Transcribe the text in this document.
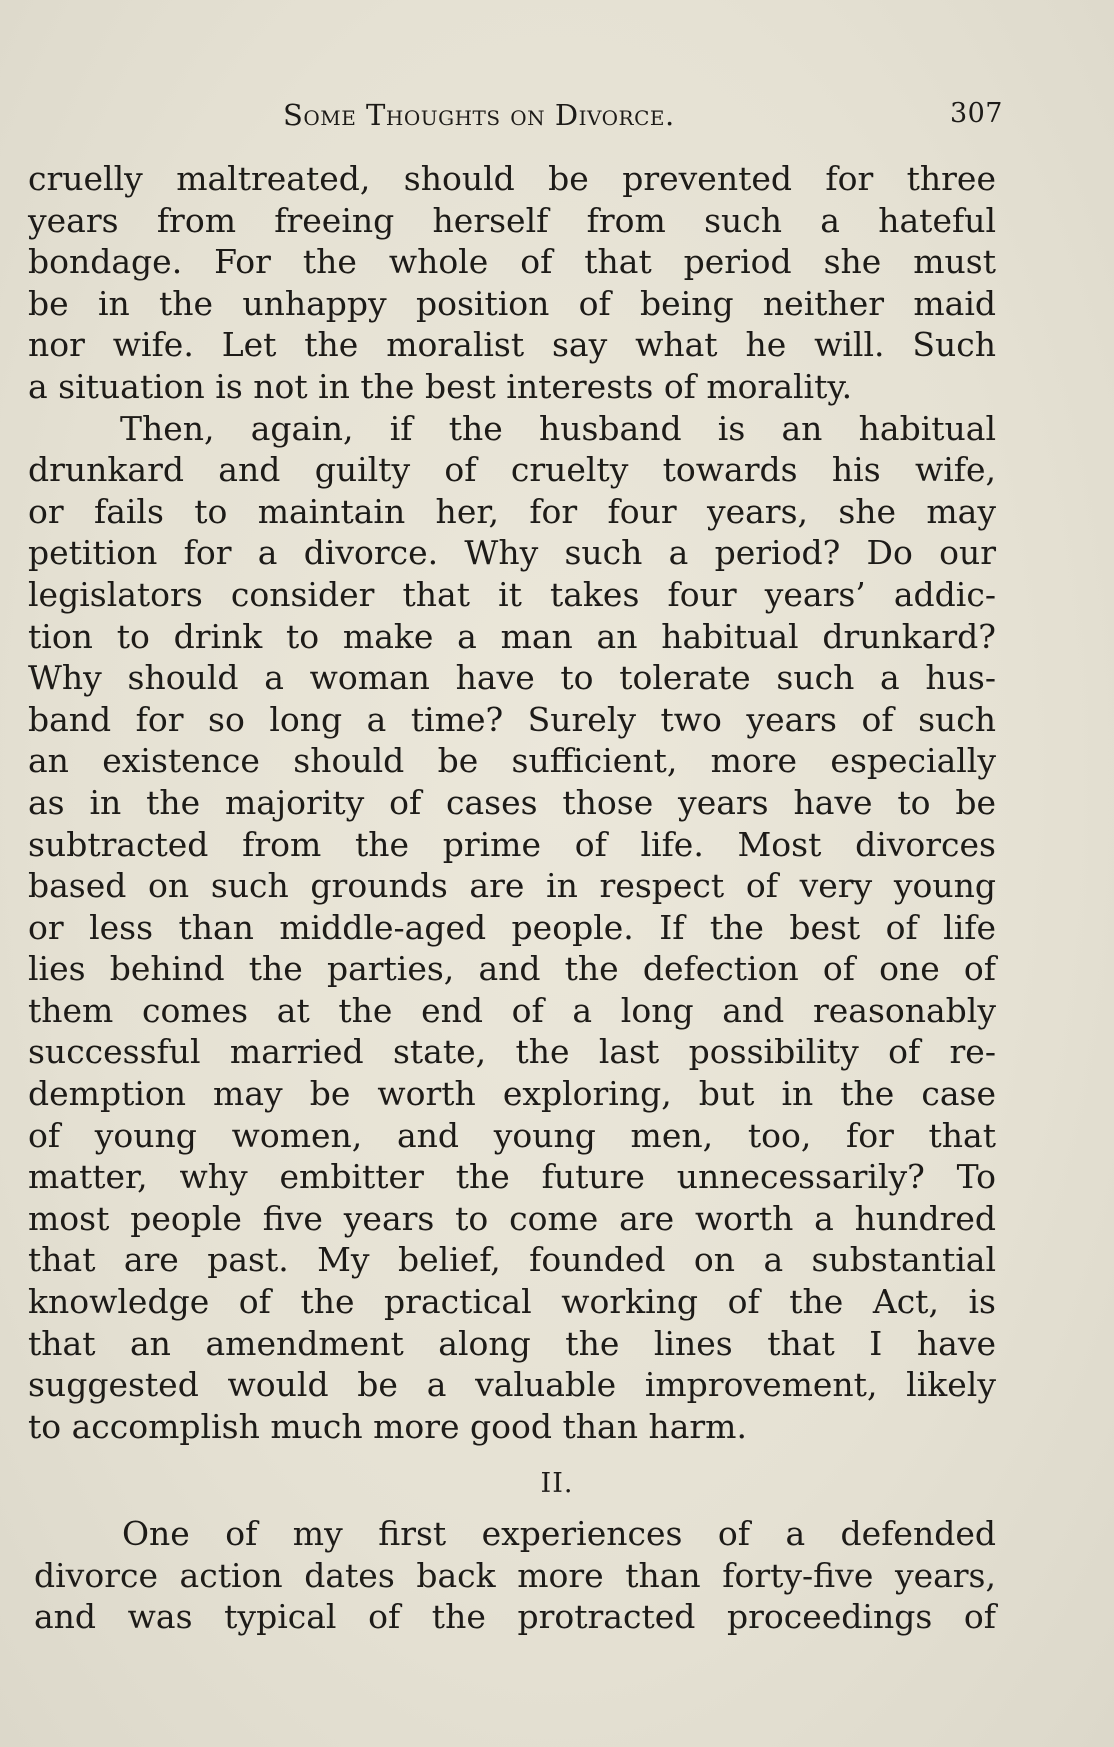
Some Thoughts on Divorce.	307
cruelly maltreated, should be prevented for three
years from freeing herself from such a hateful
bondage. For the whole of that period she must
be in the unhappy position of being neither maid
nor wife. Let the moralist say what he will. Such
a situation is not in the best interests of morality.
Then, again, if the husband is an habitual
drunkard and guilty of cruelty towards his wife,
or fails to maintain her, for four years, she may
petition for a divorce. Why such a period? Do our
legislators consider that it takes four years’ addic-
tion to drink to make a man an habitual drunkard?
Why should a woman have to tolerate such a hus-
band for so long a time? Surely two years of such
an existence should be sufficient, more especially
as in the majority of cases those years have to be
subtracted from the prime of life. Most divorces
based on such grounds are in respect of very young
or less than middle-aged people. If the best of life
lies behind the parties, and the defection of one of
them comes at the end of a long and reasonably
successful married state, the last possibility of re-
demption may be worth exploring, but in the case
of young women, and young men, too, for that
matter, why embitter the future unnecessarily? To
most people five years to come are worth a hundred
that are past. My belief, founded on a substantial
knowledge of the practical working of the Act, is
that an amendment along the lines that I have
suggested would be a valuable improvement, likely
to accomplish much more good than harm.
II.
One of my first experiences of a defended
divorce action dates back more than forty-five years,
and was typical of the protracted proceedings of
